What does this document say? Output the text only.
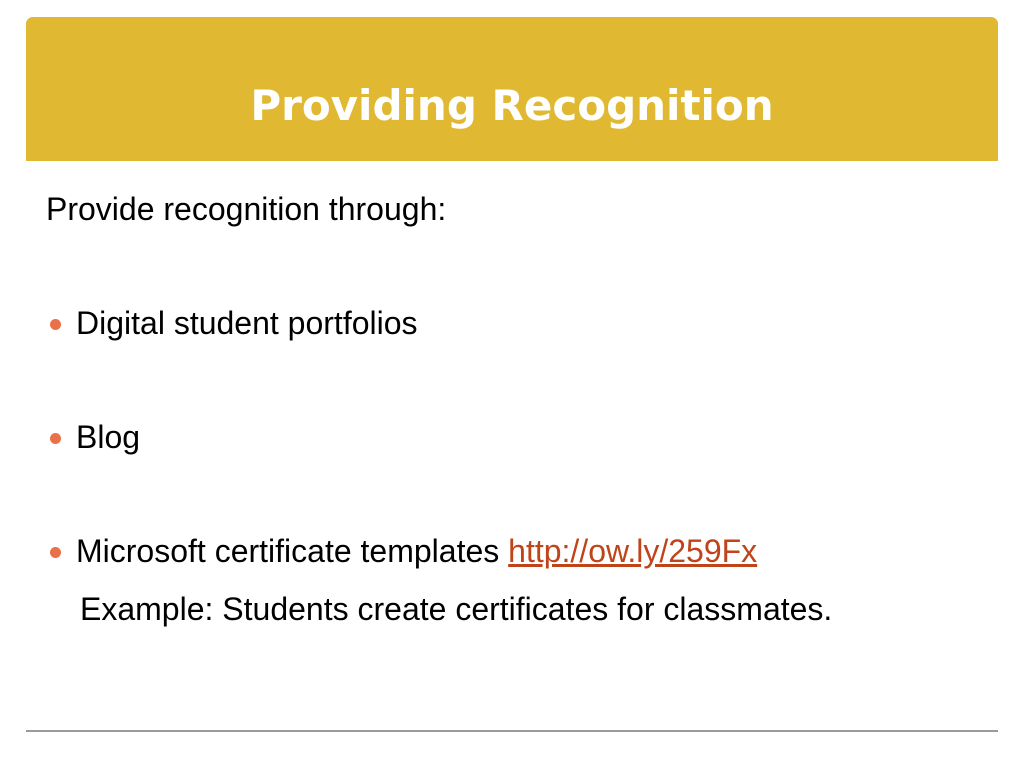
Providing Recognition

Provide recognition through:

Digital student portfolios
Blog
Microsoft certificate templates http://ow.ly/259Fx

Example: Students create certificates for classmates.
